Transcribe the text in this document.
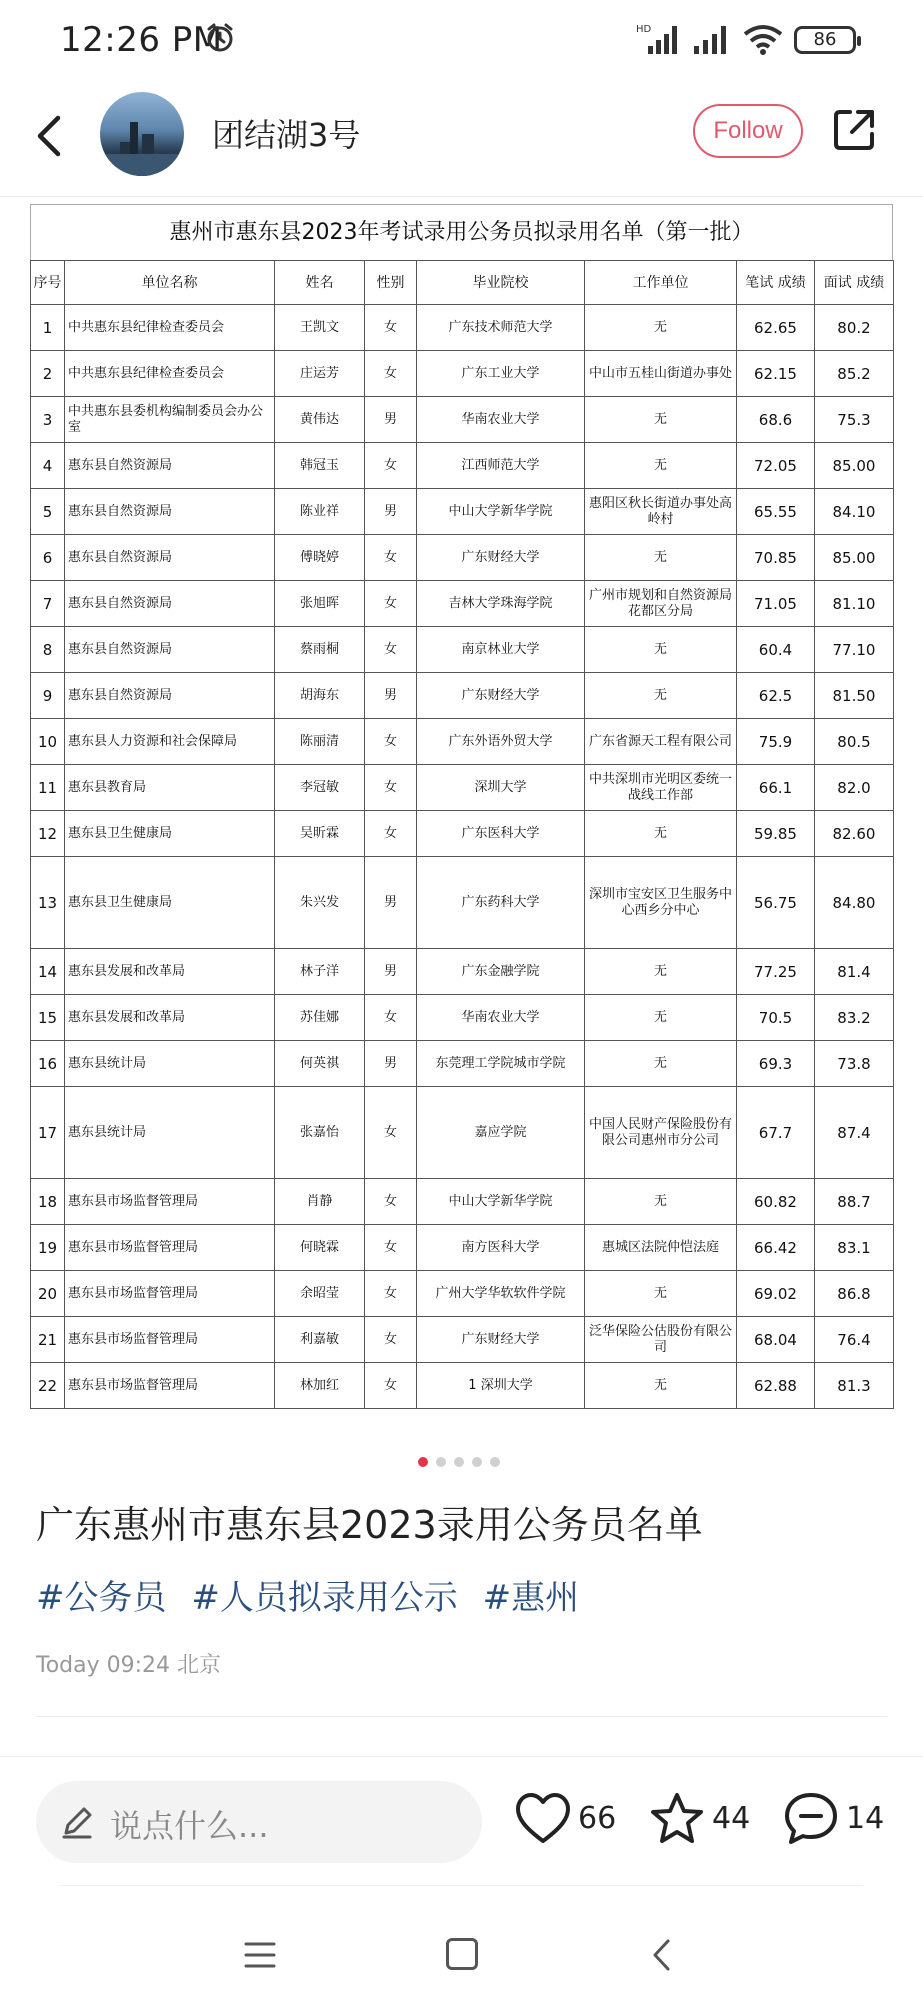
12:26 PM	HD	86
团结湖3号	Follow
惠州市惠东县2023年考试录用公务员拟录用名单（第一批）
序号	单位名称	姓名	性别	毕业院校	工作单位	笔试 成绩	面试 成绩
1	中共惠东县纪律检查委员会	王凯文	女	广东技术师范大学	无	62.65	80.2
2	中共惠东县纪律检查委员会	庄运芳	女	广东工业大学	中山市五桂山街道办事处	62.15	85.2
3	中共惠东县委机构编制委员会办公室	黄伟达	男	华南农业大学	无	68.6	75.3
4	惠东县自然资源局	韩冠玉	女	江西师范大学	无	72.05	85.00
5	惠东县自然资源局	陈业祥	男	中山大学新华学院	惠阳区秋长街道办事处高岭村	65.55	84.10
6	惠东县自然资源局	傅晓婷	女	广东财经大学	无	70.85	85.00
7	惠东县自然资源局	张旭晖	女	吉林大学珠海学院	广州市规划和自然资源局花都区分局	71.05	81.10
8	惠东县自然资源局	蔡雨桐	女	南京林业大学	无	60.4	77.10
9	惠东县自然资源局	胡海东	男	广东财经大学	无	62.5	81.50
10	惠东县人力资源和社会保障局	陈丽清	女	广东外语外贸大学	广东省源天工程有限公司	75.9	80.5
11	惠东县教育局	李冠敏	女	深圳大学	中共深圳市光明区委统一战线工作部	66.1	82.0
12	惠东县卫生健康局	吴昕霖	女	广东医科大学	无	59.85	82.60
13	惠东县卫生健康局	朱兴发	男	广东药科大学	深圳市宝安区卫生服务中心西乡分中心	56.75	84.80
14	惠东县发展和改革局	林子洋	男	广东金融学院	无	77.25	81.4
15	惠东县发展和改革局	苏佳娜	女	华南农业大学	无	70.5	83.2
16	惠东县统计局	何英祺	男	东莞理工学院城市学院	无	69.3	73.8
17	惠东县统计局	张嘉怡	女	嘉应学院	中国人民财产保险股份有限公司惠州市分公司	67.7	87.4
18	惠东县市场监督管理局	肖静	女	中山大学新华学院	无	60.82	88.7
19	惠东县市场监督管理局	何晓霖	女	南方医科大学	惠城区法院仲恺法庭	66.42	83.1
20	惠东县市场监督管理局	余昭莹	女	广州大学华软软件学院	无	69.02	86.8
21	惠东县市场监督管理局	利嘉敏	女	广东财经大学	泛华保险公估股份有限公司	68.04	76.4
22	惠东县市场监督管理局	林加红	女	1 深圳大学	无	62.88	81.3
广东惠州市惠东县2023录用公务员名单
#公务员 #人员拟录用公示 #惠州
Today 09:24 北京
说点什么...	66	44	14
